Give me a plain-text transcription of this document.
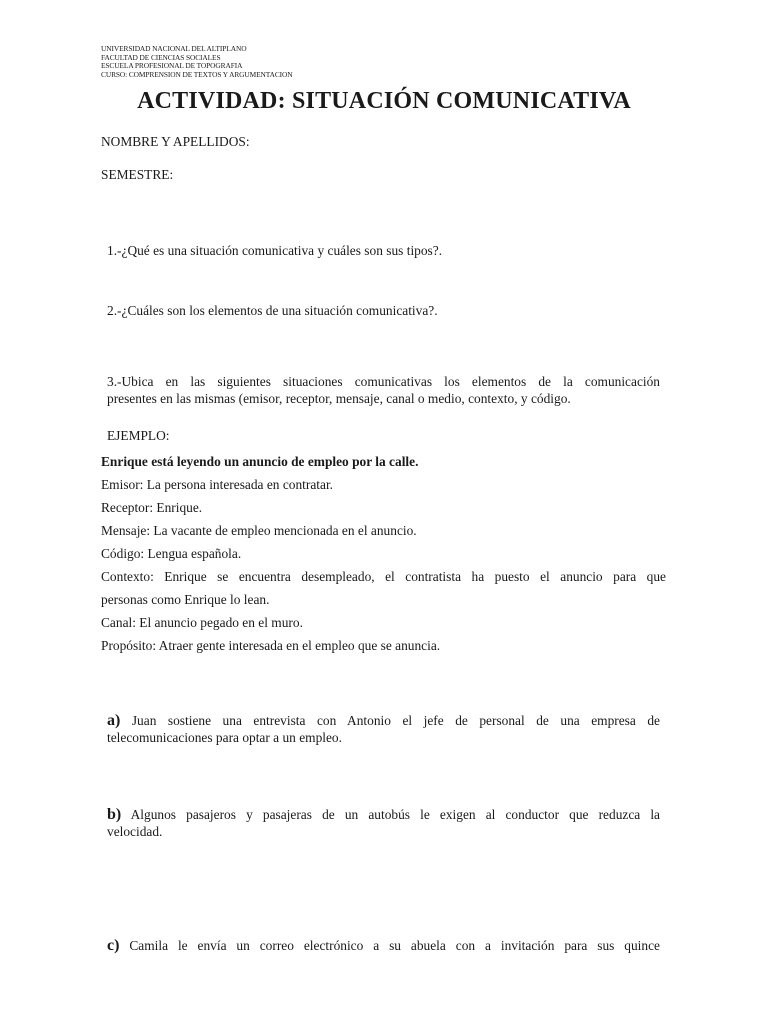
UNIVERSIDAD NACIONAL DEL ALTIPLANO
FACULTAD DE CIENCIAS SOCIALES
ESCUELA PROFESIONAL DE TOPOGRAFIA
CURSO: COMPRENSION DE TEXTOS Y ARGUMENTACION
ACTIVIDAD: SITUACIÓN COMUNICATIVA
NOMBRE Y APELLIDOS:
SEMESTRE:
1.-¿Qué es una situación comunicativa y cuáles son sus tipos?.
2.-¿Cuáles son los elementos de una situación comunicativa?.
3.-Ubica en las siguientes situaciones comunicativas los elementos de la comunicación
presentes en las mismas (emisor, receptor, mensaje, canal o medio, contexto, y código.
EJEMPLO:
Enrique está leyendo un anuncio de empleo por la calle.
Emisor: La persona interesada en contratar.
Receptor: Enrique.
Mensaje: La vacante de empleo mencionada en el anuncio.
Código: Lengua española.
Contexto: Enrique se encuentra desempleado, el contratista ha puesto el anuncio para que
personas como Enrique lo lean.
Canal: El anuncio pegado en el muro.
Propósito: Atraer gente interesada en el empleo que se anuncia.
a) Juan sostiene una entrevista con Antonio el jefe de personal de una empresa de
telecomunicaciones para optar a un empleo.
b) Algunos pasajeros y pasajeras de un autobús le exigen al conductor que reduzca la
velocidad.
c) Camila le envía un correo electrónico a su abuela con a invitación para sus quince
